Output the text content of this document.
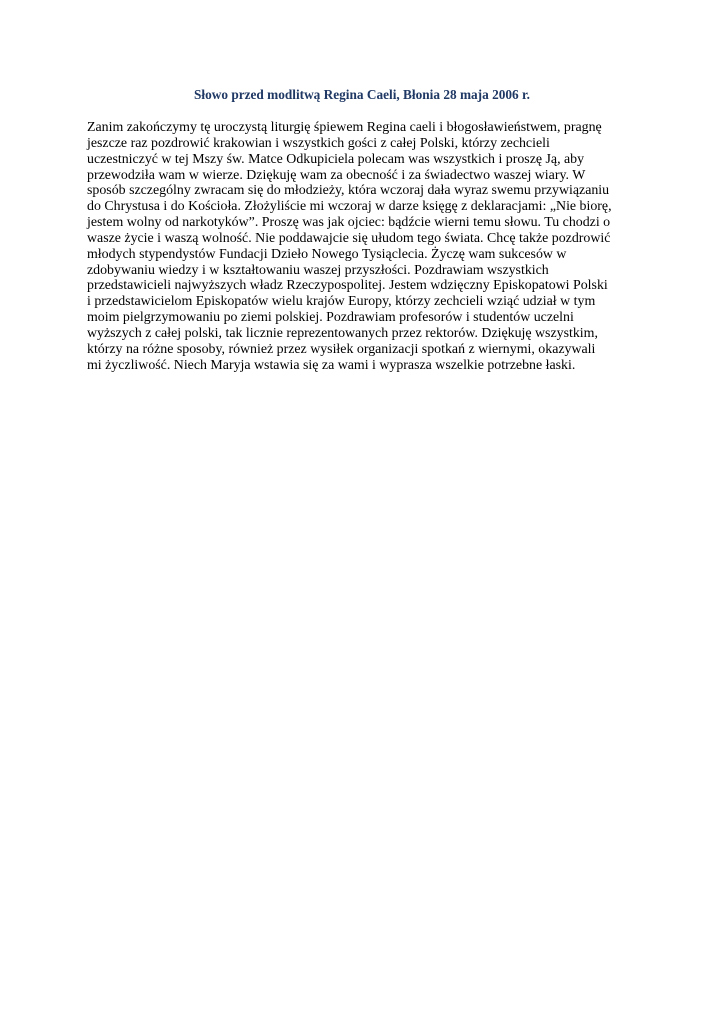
Słowo przed modlitwą Regina Caeli, Błonia 28 maja 2006 r.

Zanim zakończymy tę uroczystą liturgię śpiewem Regina caeli i błogosławieństwem, pragnę
jeszcze raz pozdrowić krakowian i wszystkich gości z całej Polski, którzy zechcieli
uczestniczyć w tej Mszy św. Matce Odkupiciela polecam was wszystkich i proszę Ją, aby
przewodziła wam w wierze. Dziękuję wam za obecność i za świadectwo waszej wiary. W
sposób szczególny zwracam się do młodzieży, która wczoraj dała wyraz swemu przywiązaniu
do Chrystusa i do Kościoła. Złożyliście mi wczoraj w darze księgę z deklaracjami: „Nie biorę,
jestem wolny od narkotyków”. Proszę was jak ojciec: bądźcie wierni temu słowu. Tu chodzi o
wasze życie i waszą wolność. Nie poddawajcie się ułudom tego świata. Chcę także pozdrowić
młodych stypendystów Fundacji Dzieło Nowego Tysiąclecia. Życzę wam sukcesów w
zdobywaniu wiedzy i w kształtowaniu waszej przyszłości. Pozdrawiam wszystkich
przedstawicieli najwyższych władz Rzeczypospolitej. Jestem wdzięczny Episkopatowi Polski
i przedstawicielom Episkopatów wielu krajów Europy, którzy zechcieli wziąć udział w tym
moim pielgrzymowaniu po ziemi polskiej. Pozdrawiam profesorów i studentów uczelni
wyższych z całej polski, tak licznie reprezentowanych przez rektorów. Dziękuję wszystkim,
którzy na różne sposoby, również przez wysiłek organizacji spotkań z wiernymi, okazywali
mi życzliwość. Niech Maryja wstawia się za wami i wyprasza wszelkie potrzebne łaski.
